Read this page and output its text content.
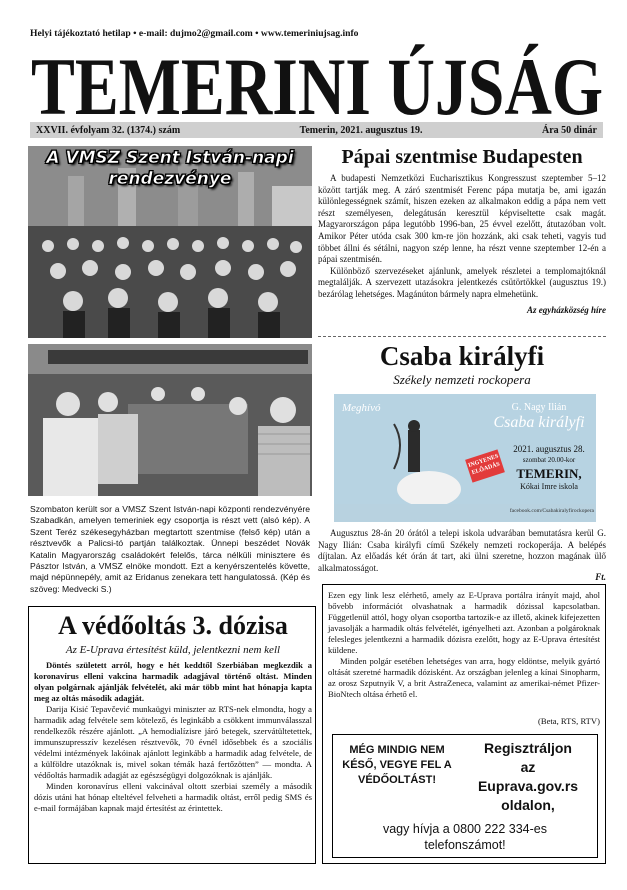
Helyi tájékoztató hetilap • e-mail: dujmo2@gmail.com • www.temeriniujsag.info
TEMERINI ÚJSÁG
XXVII. évfolyam 32. (1374.) szám	Temerin, 2021. augusztus 19.	Ára 50 dinár
A VMSZ Szent István-napi
rendezvénye
Szombaton került sor a VMSZ Szent István-napi központi rendezvényére Szabadkán, amelyen temeriniek egy csoportja is részt vett (alsó kép). A Szent Teréz székesegyházban megtartott szentmise (felső kép) után a résztvevők a Palicsi-tó partján találkoztak. Ünnepi beszédet Novák Katalin Magyarország családokért felelős, tárca nélküli minisztere és Pásztor István, a VMSZ elnöke mondott. Ezt a kenyérszentelés követte, majd népünnepély, amit az Eridanus zenekara tett hangulatossá. (Kép és szöveg: Medvecki S.)
Pápai szentmise Budapesten

A budapesti Nemzetközi Eucharisztikus Kongresszust szeptember 5–12 között tartják meg. A záró szentmisét Ferenc pápa mutatja be, ami igazán különlegességnek számít, hiszen ezeken az alkalmakon eddig a pápa nem vett részt személyesen, delegátusán keresztül képviseltette csak magát. Magyarországon pápa legutóbb 1996-ban, 25 évvel ezelőtt, átutazóban volt. Amikor Péter utóda csak 300 km-re jön hozzánk, aki csak teheti, vagyis tud többet állni és sétálni, nagyon szép lenne, ha részt venne szeptember 12-én a pápai szentmisén.

Különböző szervezéseket ajánlunk, amelyek részletei a templomajtóknál megtalálják. A szervezett utazásokra jelentkezés csütörtökkel (augusztus 19.) bezárólag lehetséges. Magánúton bármely napra elmehetünk.

Az egyházközség híre
Csaba királyfi
Székely nemzeti rockopera
Meghívó	G. Nagy Ilián
Csaba királyfi
INGYENES ELŐADÁS
2021. augusztus 28.
szombat 20.00-kor
TEMERIN,
Kókai Imre iskola
facebook.com/Csabakiralyfirockopera

Augusztus 28-án 20 órától a telepi iskola udvarában bemutatásra kerül G. Nagy Ilián: Csaba királyfi című Székely nemzeti rockoperája. A belépés díjtalan. Az előadás két órán át tart, aki ülni szeretne, hozzon magának ülő alkalmatosságot.

Ft.
A védőoltás 3. dózisa
Az E-Uprava értesítést küld, jelentkezni nem kell

Döntés született arról, hogy e hét keddtől Szerbiában megkezdik a koronavírus elleni vakcina harmadik adagjával történő oltást. Minden olyan polgárnak ajánlják felvételét, aki már több mint hat hónapja kapta meg az oltás második adagját.

Darija Kisić Tepavčević munkaügyi miniszter az RTS-nek elmondta, hogy a harmadik adag felvétele sem kötelező, és leginkább a csökkent immunválasszal rendelkezők részére ajánlott. „A hemodialízisre járó betegek, szervátültetettek, immunszupresszív kezelésen résztvevők, 70 évnél idősebbek és a szociális védelmi intézmények lakóinak ajánlott leginkább a harmadik adag felvétele, de a külföldre utazóknak is, mivel sokan témák hazá fertőzötten” — mondta. A védőoltás harmadik adagját az egészségügyi dolgozóknak is ajánlják.

Minden koronavírus elleni vakcinával oltott szerbiai személy a második dózis utáni hat hónap elteltével felveheti a harmadik oltást, erről pedig SMS és e-mail formájában kapnak majd értesítést az érintettek.

Ezen egy link lesz elérhető, amely az E-Uprava portálra irányít majd, ahol bővebb információt olvashatnak a harmadik dózissal kapcsolatban. Függetlenül attól, hogy olyan csoportba tartozik-e az illető, akinek kifejezetten javasolják a harmadik oltás felvételét, igényelheti azt. Azonban a polgároknak felesleges jelentkezni a harmadik dózisra ezelőtt, hogy az E-Uprava értesítést küldene.

Minden polgár esetében lehetséges van arra, hogy eldöntse, melyik gyártó oltását szeretné harmadik dózisként. Az országban jelenleg a kínai Sinopharm, az orosz Szputnyik V, a brit AstraZeneca, valamint az amerikai-német Pfizer-BioNtech oltása érhető el.

(Beta, RTS, RTV)
MÉG MINDIG NEM KÉSŐ, VEGYE FEL A VÉDŐOLTÁST!
Regisztráljon
az
Euprava.gov.rs
oldalon,
vagy hívja a 0800 222 334-es
telefonszámot!
